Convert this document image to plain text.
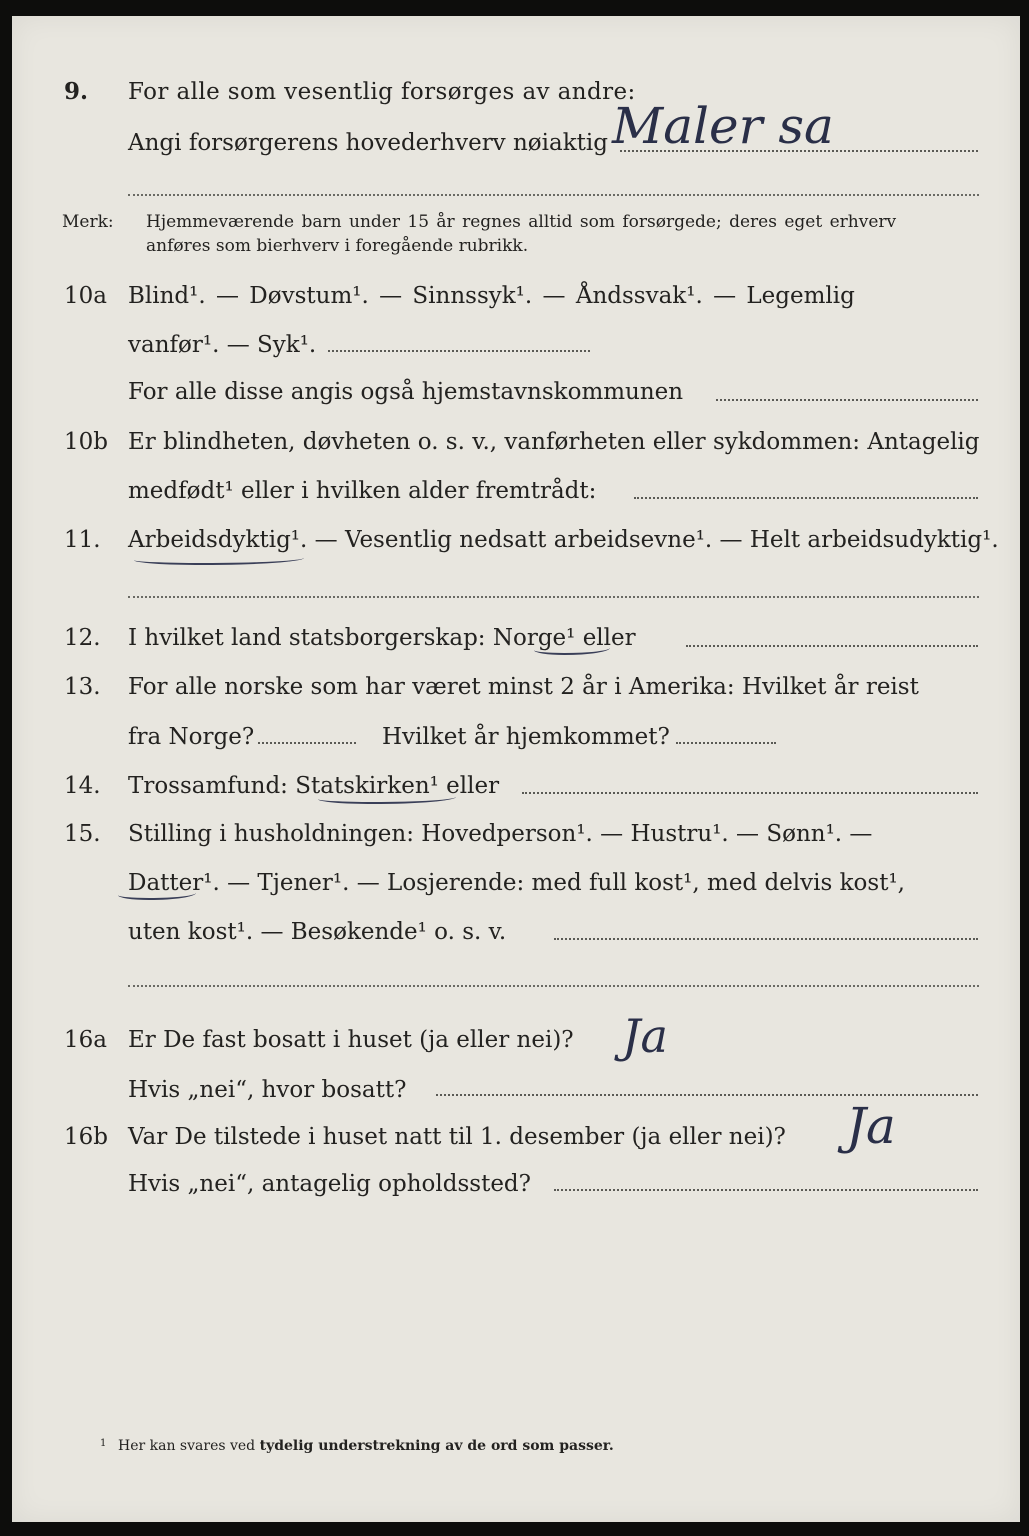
9. For alle som vesentlig forsørges av andre:
Maler sa
Angi forsørgerens hovederhverv nøiaktig
Merk: Hjemmeværende barn under 15 år regnes alltid som forsørgede; deres eget erhverv
anføres som bierhverv i foregående rubrikk.
10a Blind¹. — Døvstum¹. — Sinnssyk¹. — Åndssvak¹. — Legemlig
vanfør¹. — Syk¹.
For alle disse angis også hjemstavnskommunen
10b Er blindheten, døvheten o. s. v., vanførheten eller sykdommen: Antagelig
medfødt¹ eller i hvilken alder fremtrådt:
11. Arbeidsdyktig¹. — Vesentlig nedsatt arbeidsevne¹. — Helt arbeidsudyktig¹.
12. I hvilket land statsborgerskap: Norge¹ eller
13. For alle norske som har været minst 2 år i Amerika: Hvilket år reist
fra Norge?	Hvilket år hjemkommet?
14. Trossamfund: Statskirken¹ eller
15. Stilling i husholdningen: Hovedperson¹. — Hustru¹. — Sønn¹. —
Datter¹. — Tjener¹. — Losjerende: med full kost¹, med delvis kost¹,
uten kost¹. — Besøkende¹ o. s. v.
16a Er De fast bosatt i huset (ja eller nei)? Ja
Hvis „nei“, hvor bosatt?
16b Var De tilstede i huset natt til 1. desember (ja eller nei)? Ja
Hvis „nei“, antagelig opholdssted?
1 Her kan svares ved tydelig understrekning av de ord som passer.
